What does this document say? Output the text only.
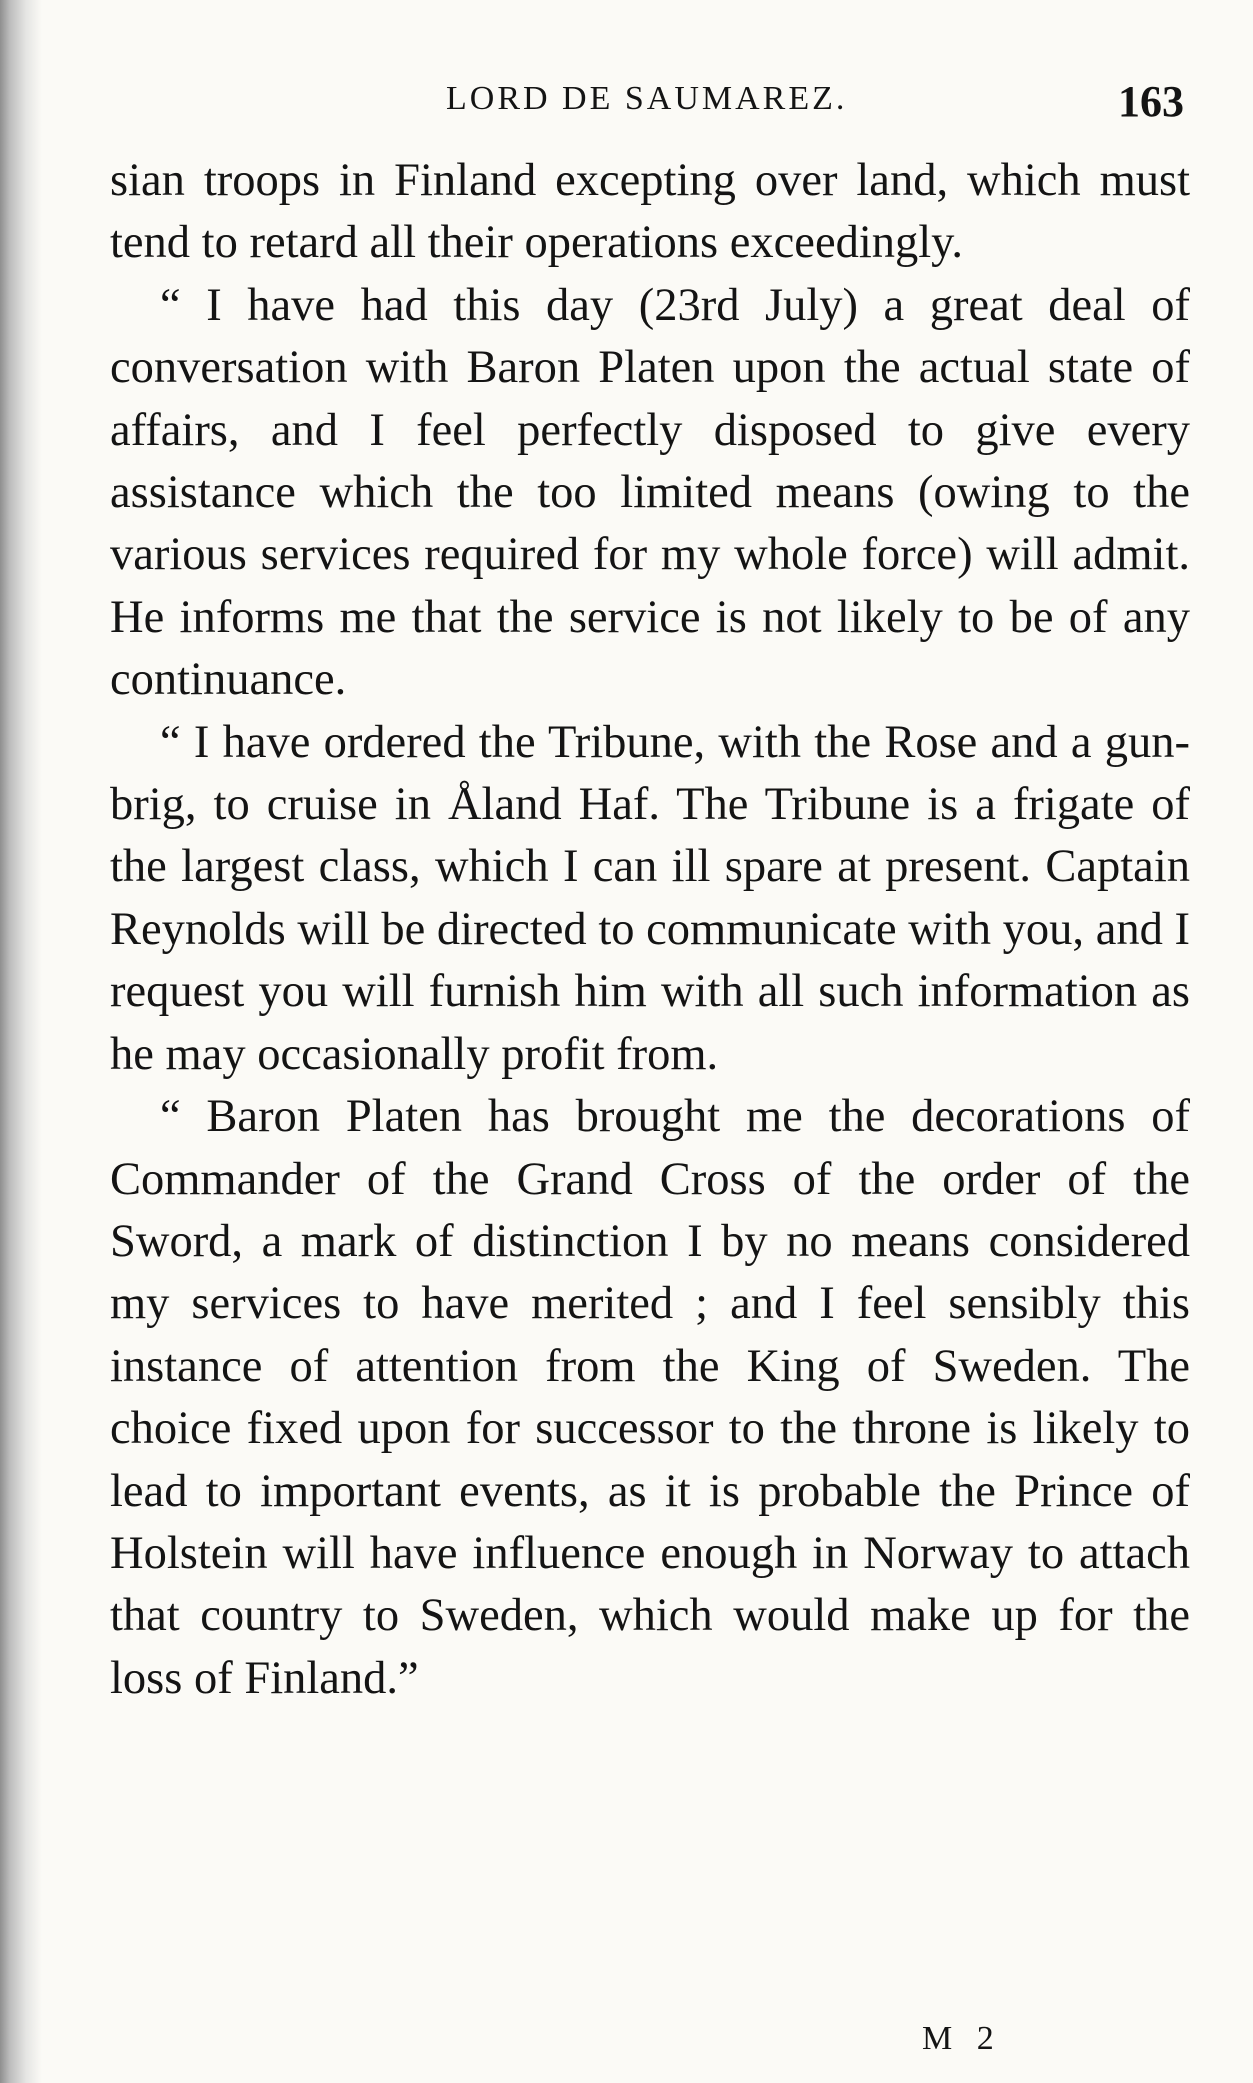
LORD DE SAUMAREZ.	163

sian troops in Finland excepting over land, which must tend to retard all their operations exceedingly.

“ I have had this day (23rd July) a great deal of conversation with Baron Platen upon the actual state of affairs, and I feel perfectly disposed to give every assistance which the too limited means (owing to the various services required for my whole force) will admit. He informs me that the service is not likely to be of any continuance.

“ I have ordered the Tribune, with the Rose and a gun-brig, to cruise in Åland Haf. The Tribune is a frigate of the largest class, which I can ill spare at present. Captain Reynolds will be directed to communicate with you, and I request you will furnish him with all such information as he may occasionally profit from.

“ Baron Platen has brought me the decorations of Commander of the Grand Cross of the order of the Sword, a mark of distinction I by no means considered my services to have merited ; and I feel sensibly this instance of attention from the King of Sweden. The choice fixed upon for successor to the throne is likely to lead to important events, as it is probable the Prince of Holstein will have influence enough in Norway to attach that country to Sweden, which would make up for the loss of Finland.”

M 2
